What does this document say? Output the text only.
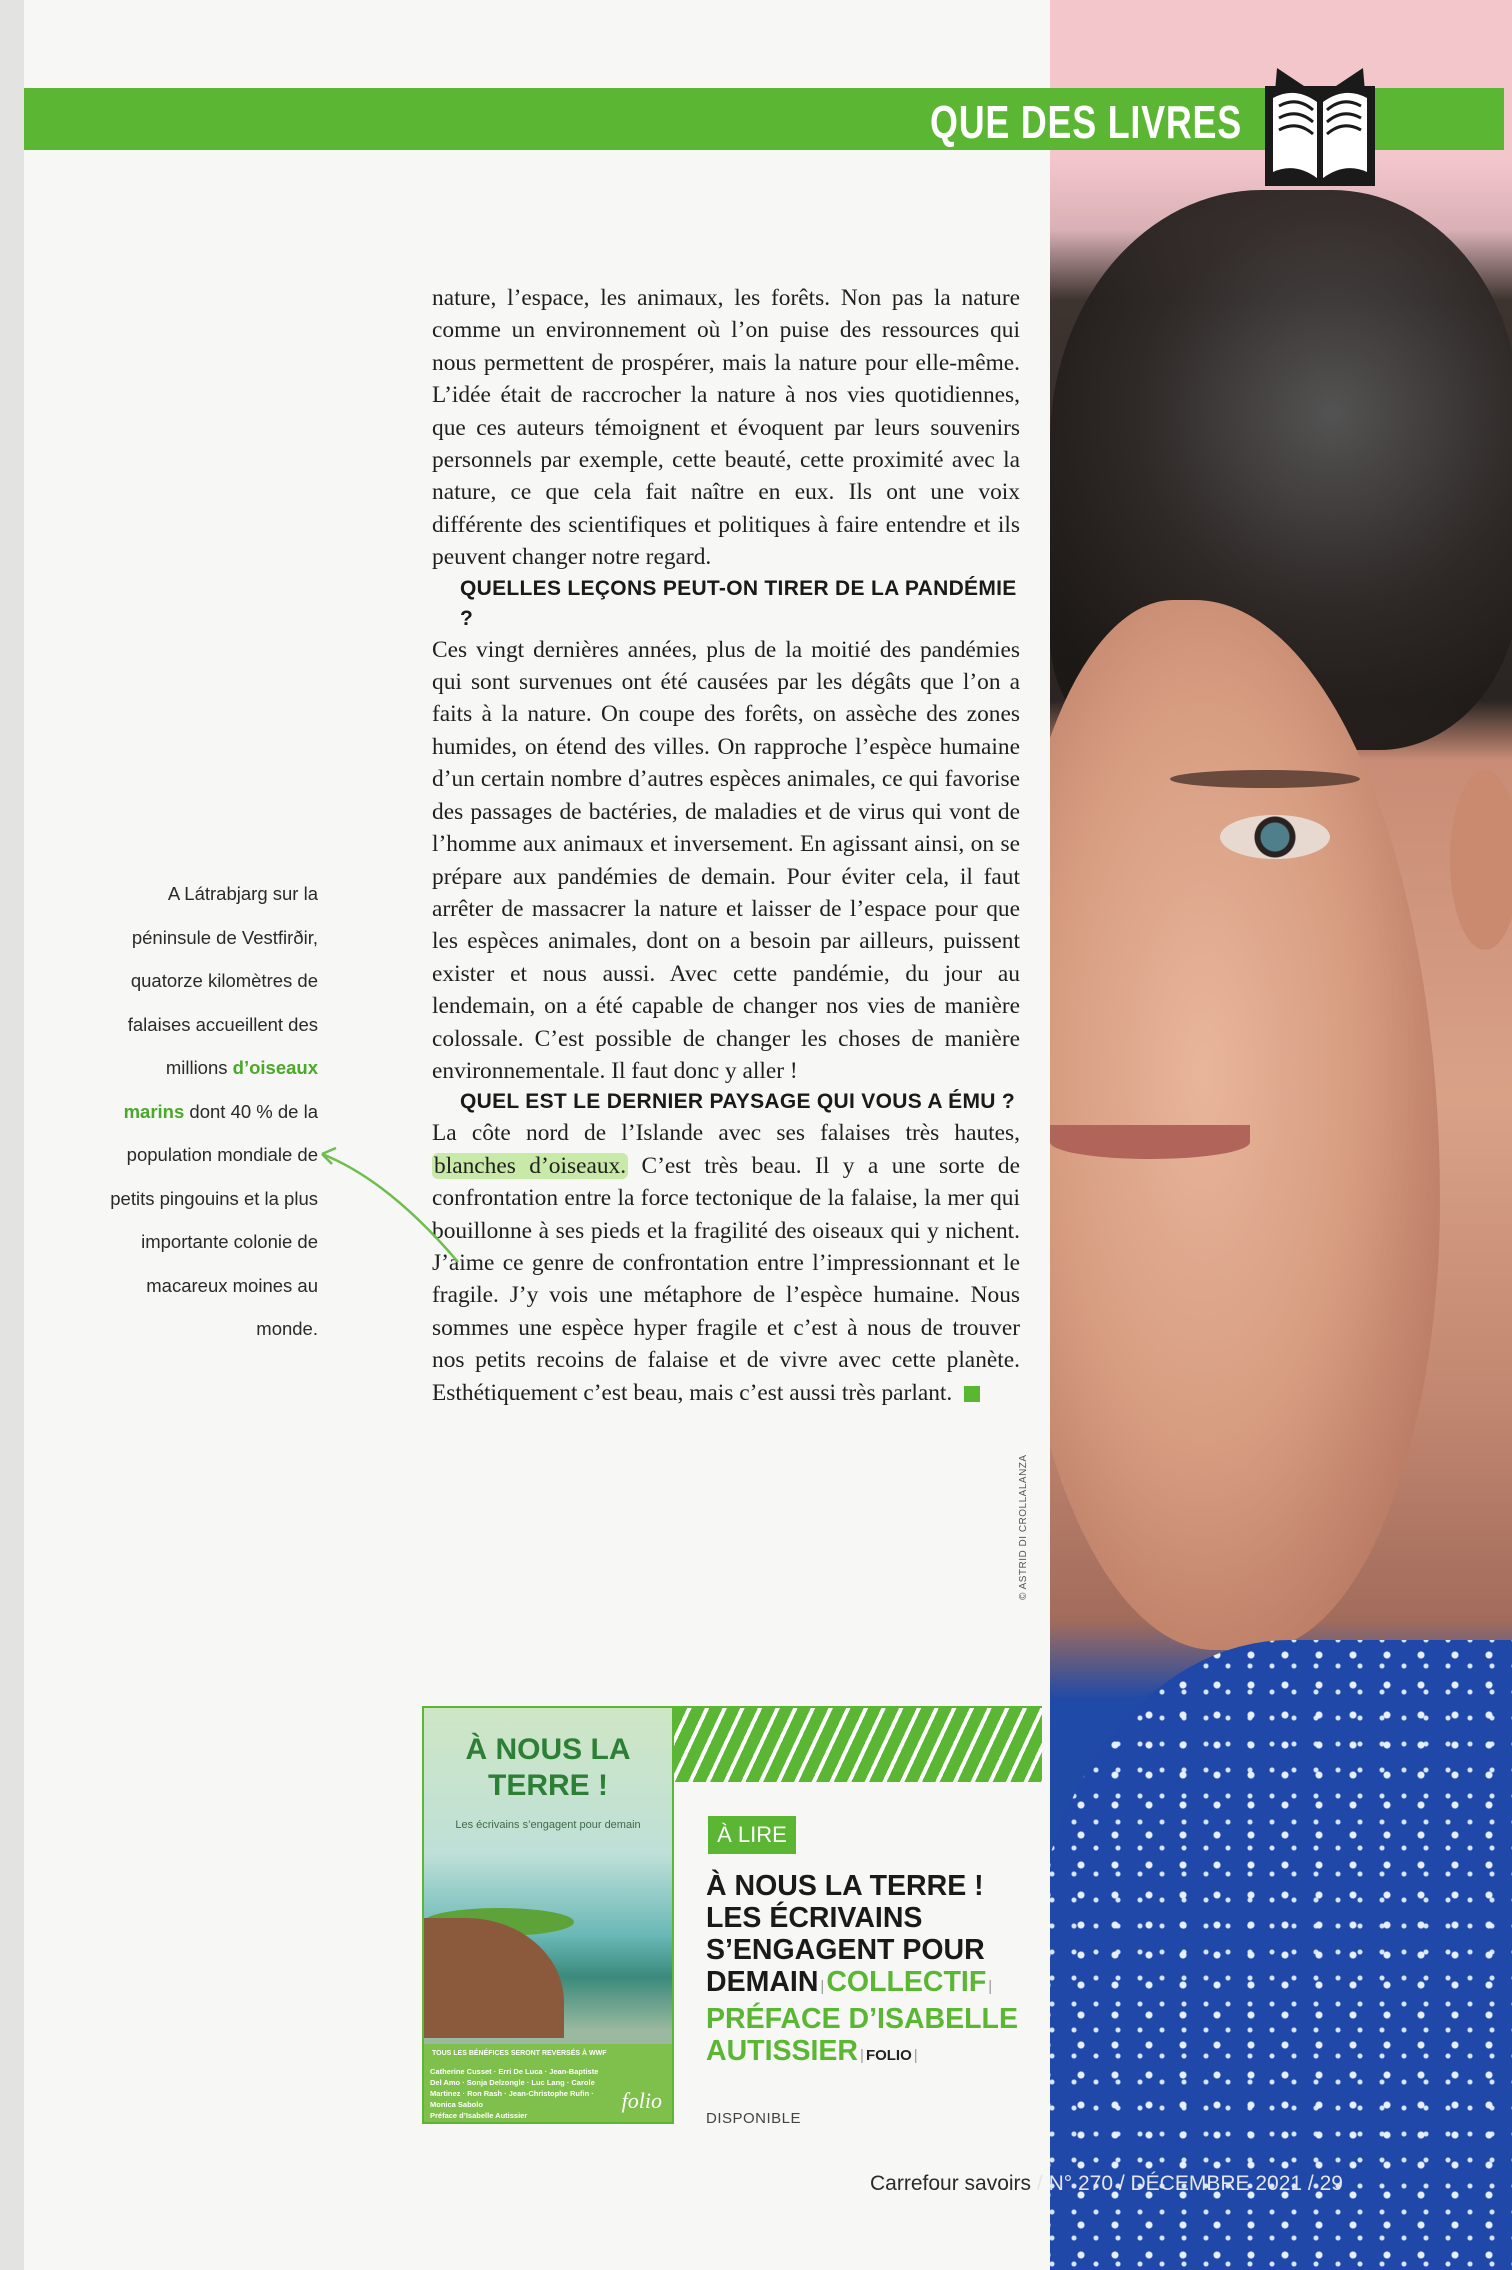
© ASTRID DI CROLLALANZA
QUE DES LIVRES

nature, l’espace, les animaux, les forêts. Non pas la nature comme un environnement où l’on puise des ressources qui nous permettent de prospérer, mais la nature pour elle-même. L’idée était de raccrocher la nature à nos vies quotidiennes, que ces auteurs témoignent et évoquent par leurs souvenirs personnels par exemple, cette beauté, cette proximité avec la nature, ce que cela fait naître en eux. Ils ont une voix différente des scientifiques et politiques à faire entendre et ils peuvent changer notre regard.

QUELLES LEÇONS PEUT-ON TIRER DE LA PANDÉMIE ?

Ces vingt dernières années, plus de la moitié des pandémies qui sont survenues ont été causées par les dégâts que l’on a faits à la nature. On coupe des forêts, on assèche des zones humides, on étend des villes. On rapproche l’espèce humaine d’un certain nombre d’autres espèces animales, ce qui favorise des passages de bactéries, de maladies et de virus qui vont de l’homme aux animaux et inversement. En agissant ainsi, on se prépare aux pandémies de demain. Pour éviter cela, il faut arrêter de massacrer la nature et laisser de l’espace pour que les espèces animales, dont on a besoin par ailleurs, puissent exister et nous aussi. Avec cette pandémie, du jour au lendemain, on a été capable de changer nos vies de manière colossale. C’est possible de changer les choses de manière environnementale. Il faut donc y aller !

QUEL EST LE DERNIER PAYSAGE QUI VOUS A ÉMU ?

La côte nord de l’Islande avec ses falaises très hautes, blanches d’oiseaux. C’est très beau. Il y a une sorte de confrontation entre la force tectonique de la falaise, la mer qui bouillonne à ses pieds et la fragilité des oiseaux qui y nichent. J’aime ce genre de confrontation entre l’impressionnant et le fragile. J’y vois une métaphore de l’espèce humaine. Nous sommes une espèce hyper fragile et c’est à nous de trouver nos petits recoins de falaise et de vivre avec cette planète. Esthétiquement c’est beau, mais c’est aussi très parlant.

A Látrabjarg sur la péninsule de Vestfirðir, quatorze kilomètres de falaises accueillent des millions d’oiseaux marins dont 40 % de la population mondiale de petits pingouins et la plus importante colonie de macareux moines au monde.
À NOUS LA TERRE !
Les écrivains s’engagent pour demain
TOUS LES BÉNÉFICES SERONT REVERSÉS À WWF
Catherine Cusset · Erri De Luca · Jean-Baptiste Del Amo · Sonja Delzongle · Luc Lang · Carole Martinez · Ron Rash · Jean-Christophe Rufin · Monica Sabolo
Préface d’Isabelle Autissier
folio
À LIRE
À NOUS LA TERRE ! LES ÉCRIVAINS S’ENGAGENT POUR DEMAIN |COLLECTIF |
PRÉFACE D’ISABELLE AUTISSIER | FOLIO |
DISPONIBLE
Carrefour savoirs / N° 270 / DÉCEMBRE 2021 / 29
